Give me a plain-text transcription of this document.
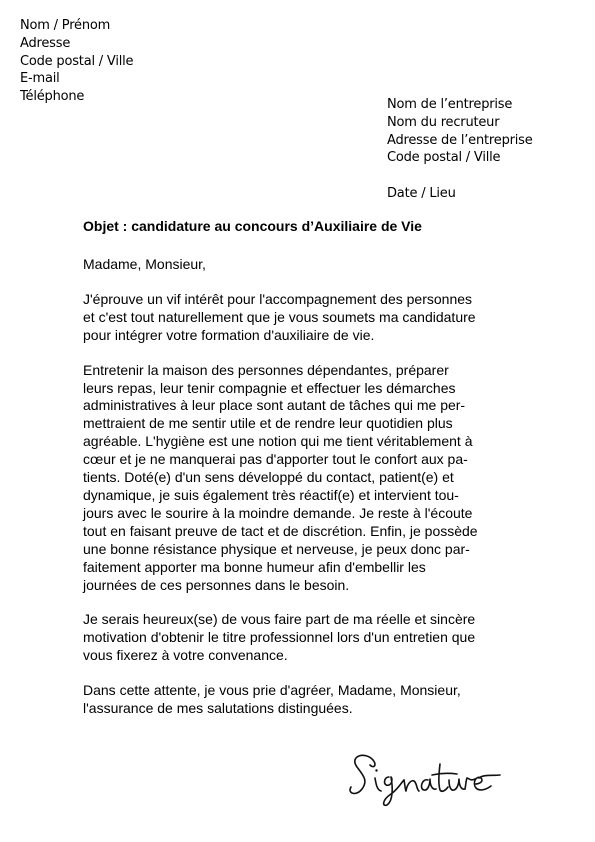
Nom / Prénom
Adresse
Code postal / Ville
E-mail
Téléphone
Nom de l’entreprise
Nom du recruteur
Adresse de l’entreprise
Code postal / Ville
Date / Lieu
Objet : candidature au concours d’Auxiliaire de Vie
Madame, Monsieur,
J'éprouve un vif intérêt pour l'accompagnement des personnes
et c'est tout naturellement que je vous soumets ma candidature
pour intégrer votre formation d'auxiliaire de vie.
Entretenir la maison des personnes dépendantes, préparer
leurs repas, leur tenir compagnie et effectuer les démarches
administratives à leur place sont autant de tâches qui me per-
mettraient de me sentir utile et de rendre leur quotidien plus
agréable. L'hygiène est une notion qui me tient véritablement à
cœur et je ne manquerai pas d'apporter tout le confort aux pa-
tients. Doté(e) d'un sens développé du contact, patient(e) et
dynamique, je suis également très réactif(e) et intervient tou-
jours avec le sourire à la moindre demande. Je reste à l'écoute
tout en faisant preuve de tact et de discrétion. Enfin, je possède
une bonne résistance physique et nerveuse, je peux donc par-
faitement apporter ma bonne humeur afin d'embellir les
journées de ces personnes dans le besoin.
Je serais heureux(se) de vous faire part de ma réelle et sincère
motivation d'obtenir le titre professionnel lors d'un entretien que
vous fixerez à votre convenance.
Dans cette attente, je vous prie d'agréer, Madame, Monsieur,
l'assurance de mes salutations distinguées.
